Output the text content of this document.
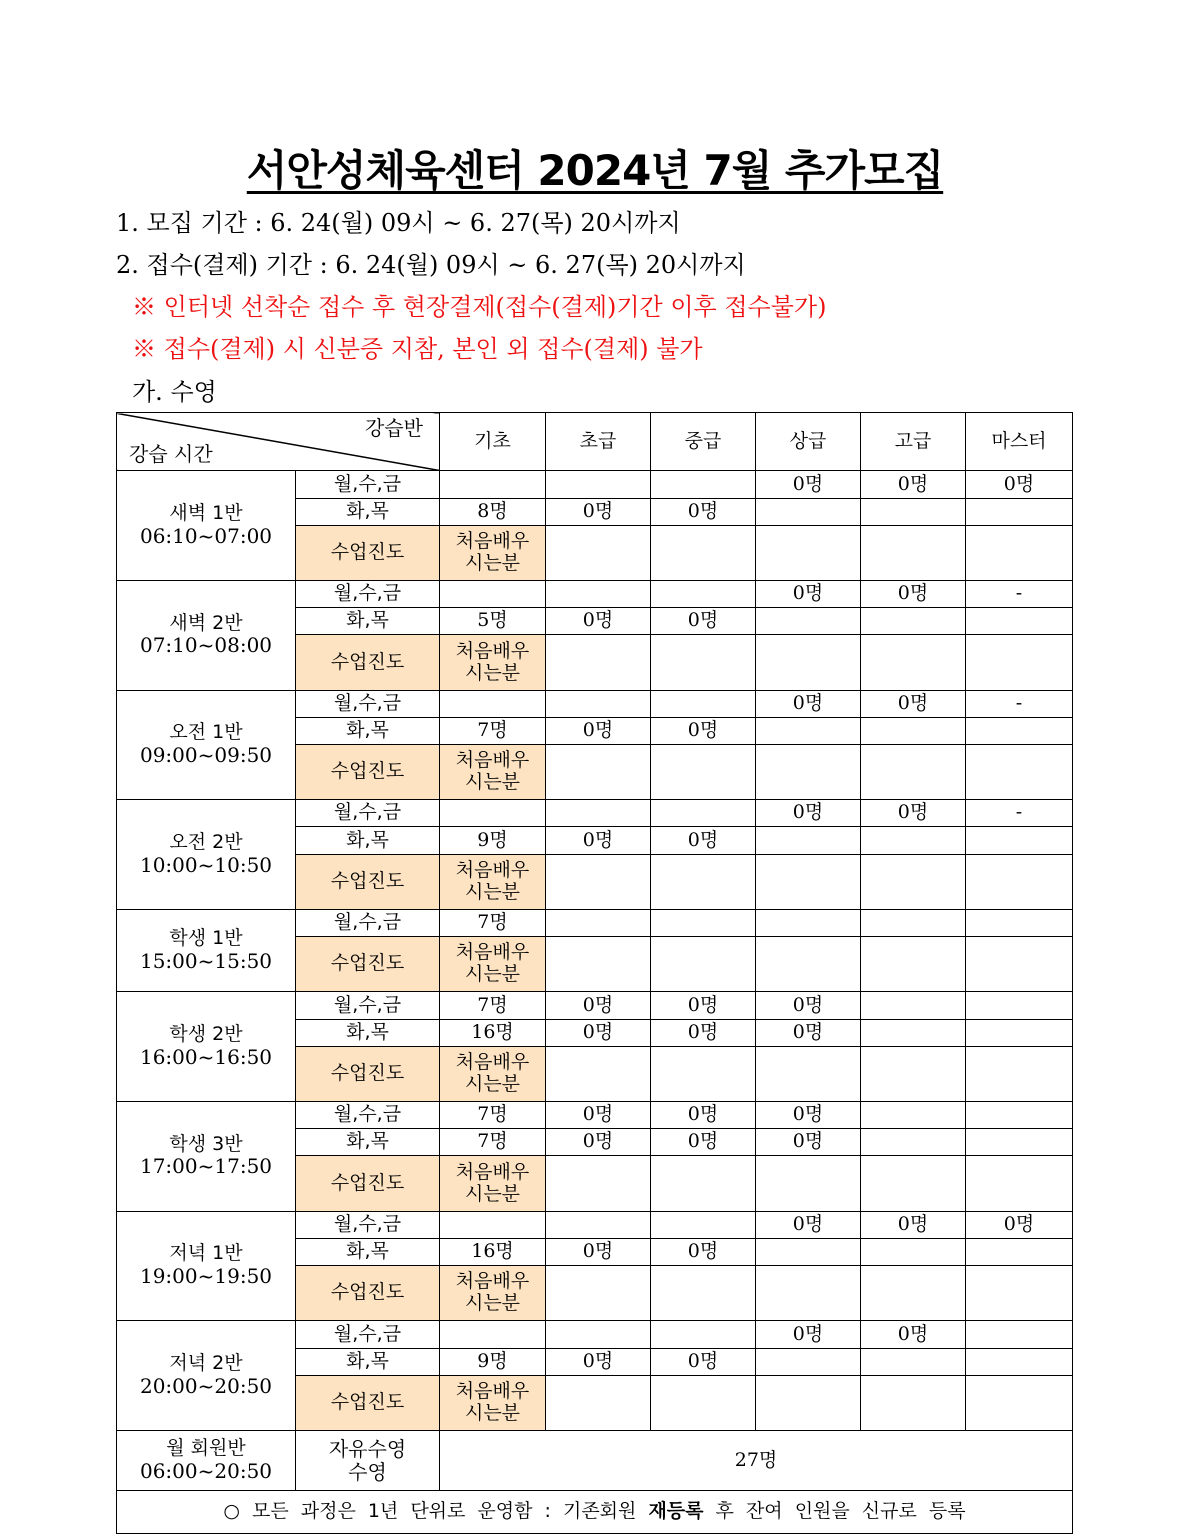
서안성체육센터 2024년 7월 추가모집
1. 모집 기간 : 6. 24(월) 09시 ~ 6. 27(목) 20시까지
2. 접수(결제) 기간 : 6. 24(월) 09시 ~ 6. 27(목) 20시까지
※ 인터넷 선착순 접수 후 현장결제(접수(결제)기간 이후 접수불가)
※ 접수(결제) 시 신분증 지참, 본인 외 접수(결제) 불가
가. 수영
강습반
강습 시간		기초	초급	중급	상급	고급	마스터
새벽 1반
06:10~07:00	월,수,금				0명	0명	0명
	화,목	8명	0명	0명			
	수업진도	처음배우
시는분					
새벽 2반
07:10~08:00	월,수,금				0명	0명	-
	화,목	5명	0명	0명			
	수업진도	처음배우
시는분					
오전 1반
09:00~09:50	월,수,금				0명	0명	-
	화,목	7명	0명	0명			
	수업진도	처음배우
시는분					
오전 2반
10:00~10:50	월,수,금				0명	0명	-
	화,목	9명	0명	0명			
	수업진도	처음배우
시는분					
학생 1반
15:00~15:50	월,수,금	7명					
	수업진도	처음배우
시는분					
학생 2반
16:00~16:50	월,수,금	7명	0명	0명	0명		
	화,목	16명	0명	0명	0명		
	수업진도	처음배우
시는분					
학생 3반
17:00~17:50	월,수,금	7명	0명	0명	0명		
	화,목	7명	0명	0명	0명		
	수업진도	처음배우
시는분					
저녁 1반
19:00~19:50	월,수,금				0명	0명	0명
	화,목	16명	0명	0명			
	수업진도	처음배우
시는분					
저녁 2반
20:00~20:50	월,수,금				0명	0명	
	화,목	9명	0명	0명			
	수업진도	처음배우
시는분					
월 회원반
06:00~20:50	자유수영
수영	27명					
○ 모든 과정은 1년 단위로 운영함 : 기존회원 재등록 후 잔여 인원을 신규로 등록							
